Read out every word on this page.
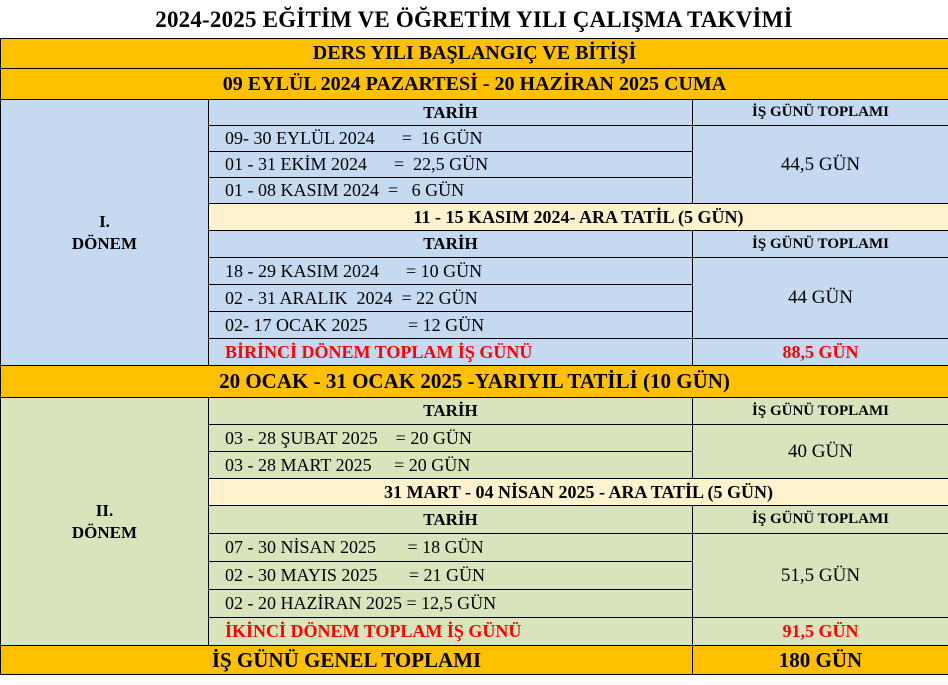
2024-2025 EĞİTİM VE ÖĞRETİM YILI ÇALIŞMA TAKVİMİ
DERS YILI BAŞLANGIÇ VE BİTİŞİ		
09 EYLÜL 2024 PAZARTESİ - 20 HAZİRAN 2025 CUMA		

I.
DÖNEM	TARİH	İŞ GÜNÜ TOPLAMI
	09- 30 EYLÜL 2024      =  16 GÜN	44,5 GÜN
	01 - 31 EKİM 2024      =  22,5 GÜN	
	01 - 08 KASIM 2024  =   6 GÜN	
	11 - 15 KASIM 2024- ARA TATİL (5 GÜN)	
	TARİH	İŞ GÜNÜ TOPLAMI
	18 - 29 KASIM 2024      = 10 GÜN	44 GÜN
	02 - 31 ARALIK  2024  = 22 GÜN	
	02- 17 OCAK 2025         = 12 GÜN	
	BİRİNCİ DÖNEM TOPLAM İŞ GÜNÜ	88,5 GÜN
20 OCAK - 31 OCAK 2025 -YARIYIL TATİLİ (10 GÜN)		

II.
DÖNEM	TARİH	İŞ GÜNÜ TOPLAMI
	03 - 28 ŞUBAT 2025    = 20 GÜN	40 GÜN
	03 - 28 MART 2025     = 20 GÜN	
	31 MART - 04 NİSAN 2025 - ARA TATİL (5 GÜN)	
	TARİH	İŞ GÜNÜ TOPLAMI
	07 - 30 NİSAN 2025       = 18 GÜN	51,5 GÜN
	02 - 30 MAYIS 2025       = 21 GÜN	
	02 - 20 HAZİRAN 2025 = 12,5 GÜN	
	İKİNCİ DÖNEM TOPLAM İŞ GÜNÜ	91,5 GÜN
İŞ GÜNÜ GENEL TOPLAMI		180 GÜN
